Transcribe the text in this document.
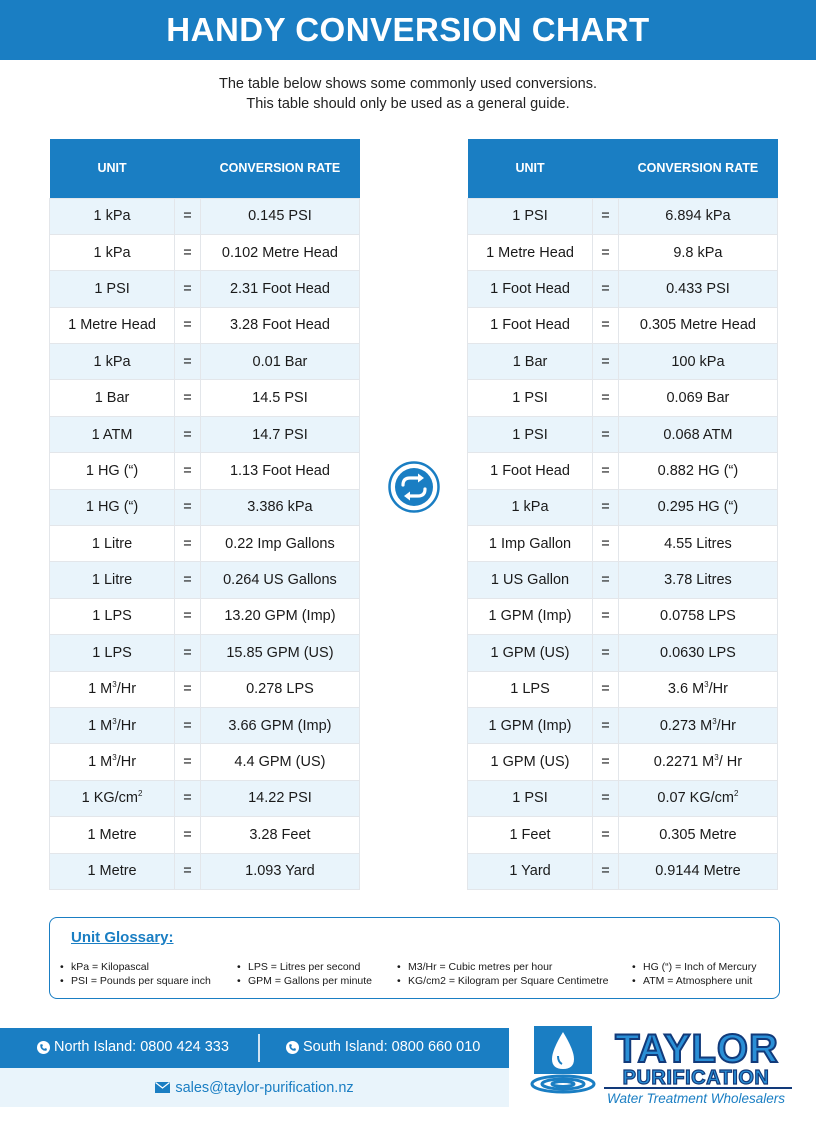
HANDY CONVERSION CHART
The table below shows some commonly used conversions.
This table should only be used as a general guide.
UNIT		CONVERSION RATE
1 kPa	=	0.145 PSI
1 kPa	=	0.102 Metre Head
1 PSI	=	2.31 Foot Head
1 Metre Head	=	3.28 Foot Head
1 kPa	=	0.01 Bar
1 Bar	=	14.5 PSI
1 ATM	=	14.7 PSI
1 HG (“)	=	1.13 Foot Head
1 HG (“)	=	3.386 kPa
1 Litre	=	0.22 Imp Gallons
1 Litre	=	0.264 US Gallons
1 LPS	=	13.20 GPM (Imp)
1 LPS	=	15.85 GPM (US)
1 $M^3/Hr$	=	0.278 LPS
1 $M^3/Hr$	=	3.66 GPM (Imp)
1 $M^3/Hr$	=	4.4 GPM (US)
1 $KG/cm^2$	=	14.22 PSI
1 Metre	=	3.28 Feet
1 Metre	=	1.093 Yard
UNIT		CONVERSION RATE
1 PSI	=	6.894 kPa
1 Metre Head	=	9.8 kPa
1 Foot Head	=	0.433 PSI
1 Foot Head	=	0.305 Metre Head
1 Bar	=	100 kPa
1 PSI	=	0.069 Bar
1 PSI	=	0.068 ATM
1 Foot Head	=	0.882 HG (“)
1 kPa	=	0.295 HG (“)
1 Imp Gallon	=	4.55 Litres
1 US Gallon	=	3.78 Litres
1 GPM (Imp)	=	0.0758 LPS
1 GPM (US)	=	0.0630 LPS
1 LPS	=	3.6 $M^3/Hr$
1 GPM (Imp)	=	0.273 $M^3/Hr$
1 GPM (US)	=	0.2271 $M^3/$ Hr
1 PSI	=	0.07 $KG/cm^2$
1 Feet	=	0.305 Metre
1 Yard	=	0.9144 Metre
Unit Glossary:
• kPa = Kilopascal
• PSI = Pounds per square inch
• LPS = Litres per second
• GPM = Gallons per minute
• M3/Hr = Cubic metres per hour
• KG/cm2 = Kilogram per Square Centimetre
• HG (“) = Inch of Mercury
• ATM = Atmosphere unit
North Island: 0800 424 333	South Island: 0800 660 010
sales@taylor-purification.nz
TAYLOR
PURIFICATION
Water Treatment Wholesalers
